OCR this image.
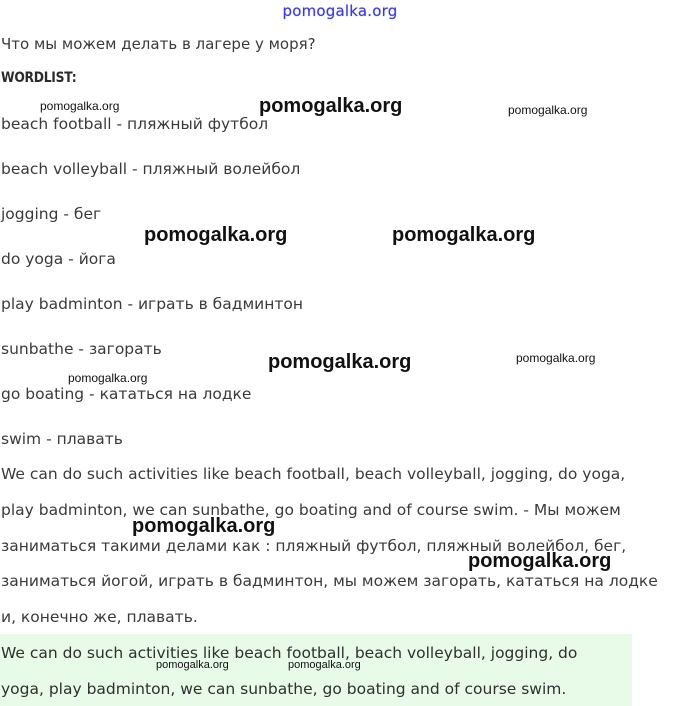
pomogalka.org
Что мы можем делать в лагере у моря?
WORDLIST:
beach football - пляжный футбол
beach volleyball - пляжный волейбол
jogging - бег
do yoga - йога
play badminton - играть в бадминтон
sunbathe - загорать
go boating - кататься на лодке
swim - плавать
We can do such activities like beach football, beach volleyball, jogging, do yoga,
play badminton, we can sunbathe, go boating and of course swim. - Мы можем
заниматься такими делами как : пляжный футбол, пляжный волейбол, бег,
заниматься йогой, играть в бадминтон, мы можем загорать, кататься на лодке
и, конечно же, плавать.
We can do such activities like beach football, beach volleyball, jogging, do
yoga, play badminton, we can sunbathe, go boating and of course swim.
pomogalka.org	pomogalka.org	pomogalka.org
pomogalka.org	pomogalka.org
pomogalka.org	pomogalka.org
pomogalka.org
pomogalka.org
pomogalka.org
pomogalka.org	pomogalka.org
